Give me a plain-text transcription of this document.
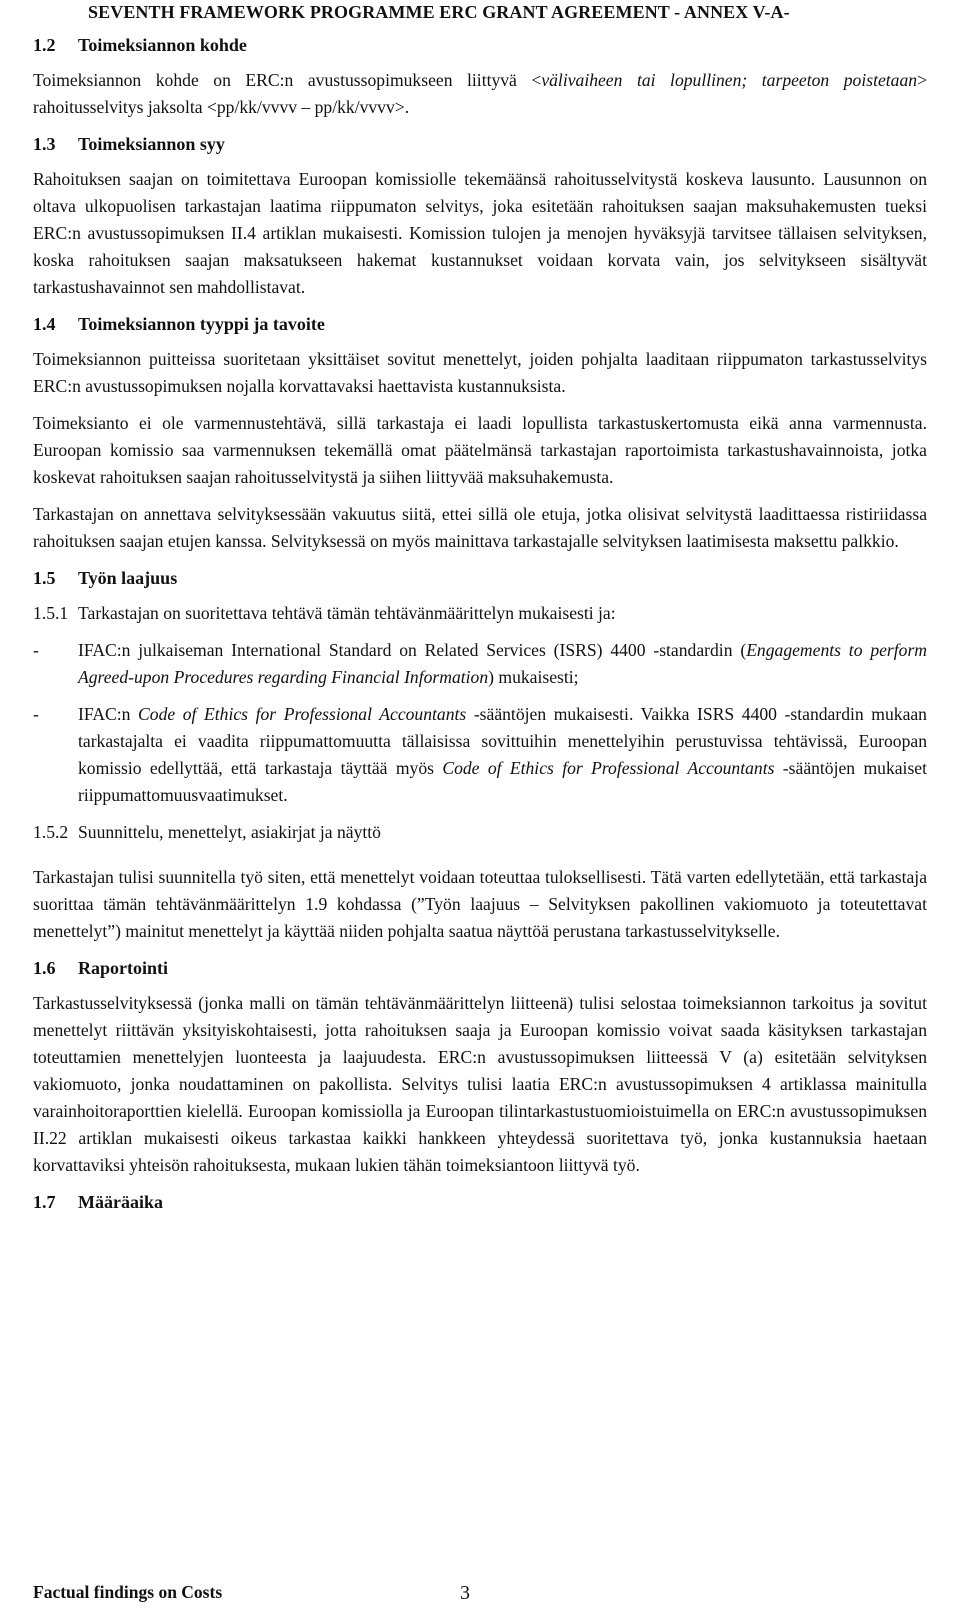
SEVENTH FRAMEWORK PROGRAMME ERC GRANT AGREEMENT - ANNEX V-A-
1.2	Toimeksiannon kohde

Toimeksiannon kohde on ERC:n avustussopimukseen liittyvä <välivaiheen tai lopullinen; tarpeeton poistetaan> rahoitusselvitys jaksolta <pp/kk/vvvv – pp/kk/vvvv>.

1.3	Toimeksiannon syy

Rahoituksen saajan on toimitettava Euroopan komissiolle tekemäänsä rahoitusselvitystä koskeva lausunto. Lausunnon on oltava ulkopuolisen tarkastajan laatima riippumaton selvitys, joka esitetään rahoituksen saajan maksuhakemusten tueksi ERC:n avustussopimuksen II.4 artiklan mukaisesti. Komission tulojen ja menojen hyväksyjä tarvitsee tällaisen selvityksen, koska rahoituksen saajan maksatukseen hakemat kustannukset voidaan korvata vain, jos selvitykseen sisältyvät tarkastushavainnot sen mahdollistavat.

1.4	Toimeksiannon tyyppi ja tavoite

Toimeksiannon puitteissa suoritetaan yksittäiset sovitut menettelyt, joiden pohjalta laaditaan riippumaton tarkastusselvitys ERC:n avustussopimuksen nojalla korvattavaksi haettavista kustannuksista.

Toimeksianto ei ole varmennustehtävä, sillä tarkastaja ei laadi lopullista tarkastuskertomusta eikä anna varmennusta. Euroopan komissio saa varmennuksen tekemällä omat päätelmänsä tarkastajan raportoimista tarkastushavainnoista, jotka koskevat rahoituksen saajan rahoitusselvitystä ja siihen liittyvää maksuhakemusta.

Tarkastajan on annettava selvityksessään vakuutus siitä, ettei sillä ole etuja, jotka olisivat selvitystä laadittaessa ristiriidassa rahoituksen saajan etujen kanssa. Selvityksessä on myös mainittava tarkastajalle selvityksen laatimisesta maksettu palkkio.

1.5	Työn laajuus
1.5.1 Tarkastajan on suoritettava tehtävä tämän tehtävänmäärittelyn mukaisesti ja:
-	IFAC:n julkaiseman International Standard on Related Services (ISRS) 4400 -standardin (Engagements to perform Agreed-upon Procedures regarding Financial Information) mukaisesti;
-	IFAC:n Code of Ethics for Professional Accountants -sääntöjen mukaisesti. Vaikka ISRS 4400 -standardin mukaan tarkastajalta ei vaadita riippumattomuutta tällaisissa sovittuihin menettelyihin perustuvissa tehtävissä, Euroopan komissio edellyttää, että tarkastaja täyttää myös Code of Ethics for Professional Accountants -sääntöjen mukaiset riippumattomuusvaatimukset.
1.5.2 Suunnittelu, menettelyt, asiakirjat ja näyttö

Tarkastajan tulisi suunnitella työ siten, että menettelyt voidaan toteuttaa tuloksellisesti. Tätä varten edellytetään, että tarkastaja suorittaa tämän tehtävänmäärittelyn 1.9 kohdassa (”Työn laajuus – Selvityksen pakollinen vakiomuoto ja toteutettavat menettelyt”) mainitut menettelyt ja käyttää niiden pohjalta saatua näyttöä perustana tarkastusselvitykselle.

1.6	Raportointi

Tarkastusselvityksessä (jonka malli on tämän tehtävänmäärittelyn liitteenä) tulisi selostaa toimeksiannon tarkoitus ja sovitut menettelyt riittävän yksityiskohtaisesti, jotta rahoituksen saaja ja Euroopan komissio voivat saada käsityksen tarkastajan toteuttamien menettelyjen luonteesta ja laajuudesta. ERC:n avustussopimuksen liitteessä V (a) esitetään selvityksen vakiomuoto, jonka noudattaminen on pakollista. Selvitys tulisi laatia ERC:n avustussopimuksen 4 artiklassa mainitulla varainhoitoraporttien kielellä. Euroopan komissiolla ja Euroopan tilintarkastustuomioistuimella on ERC:n avustussopimuksen II.22 artiklan mukaisesti oikeus tarkastaa kaikki hankkeen yhteydessä suoritettava työ, jonka kustannuksia haetaan korvattaviksi yhteisön rahoituksesta, mukaan lukien tähän toimeksiantoon liittyvä työ.

1.7	Määräaika
Factual findings on Costs	3
